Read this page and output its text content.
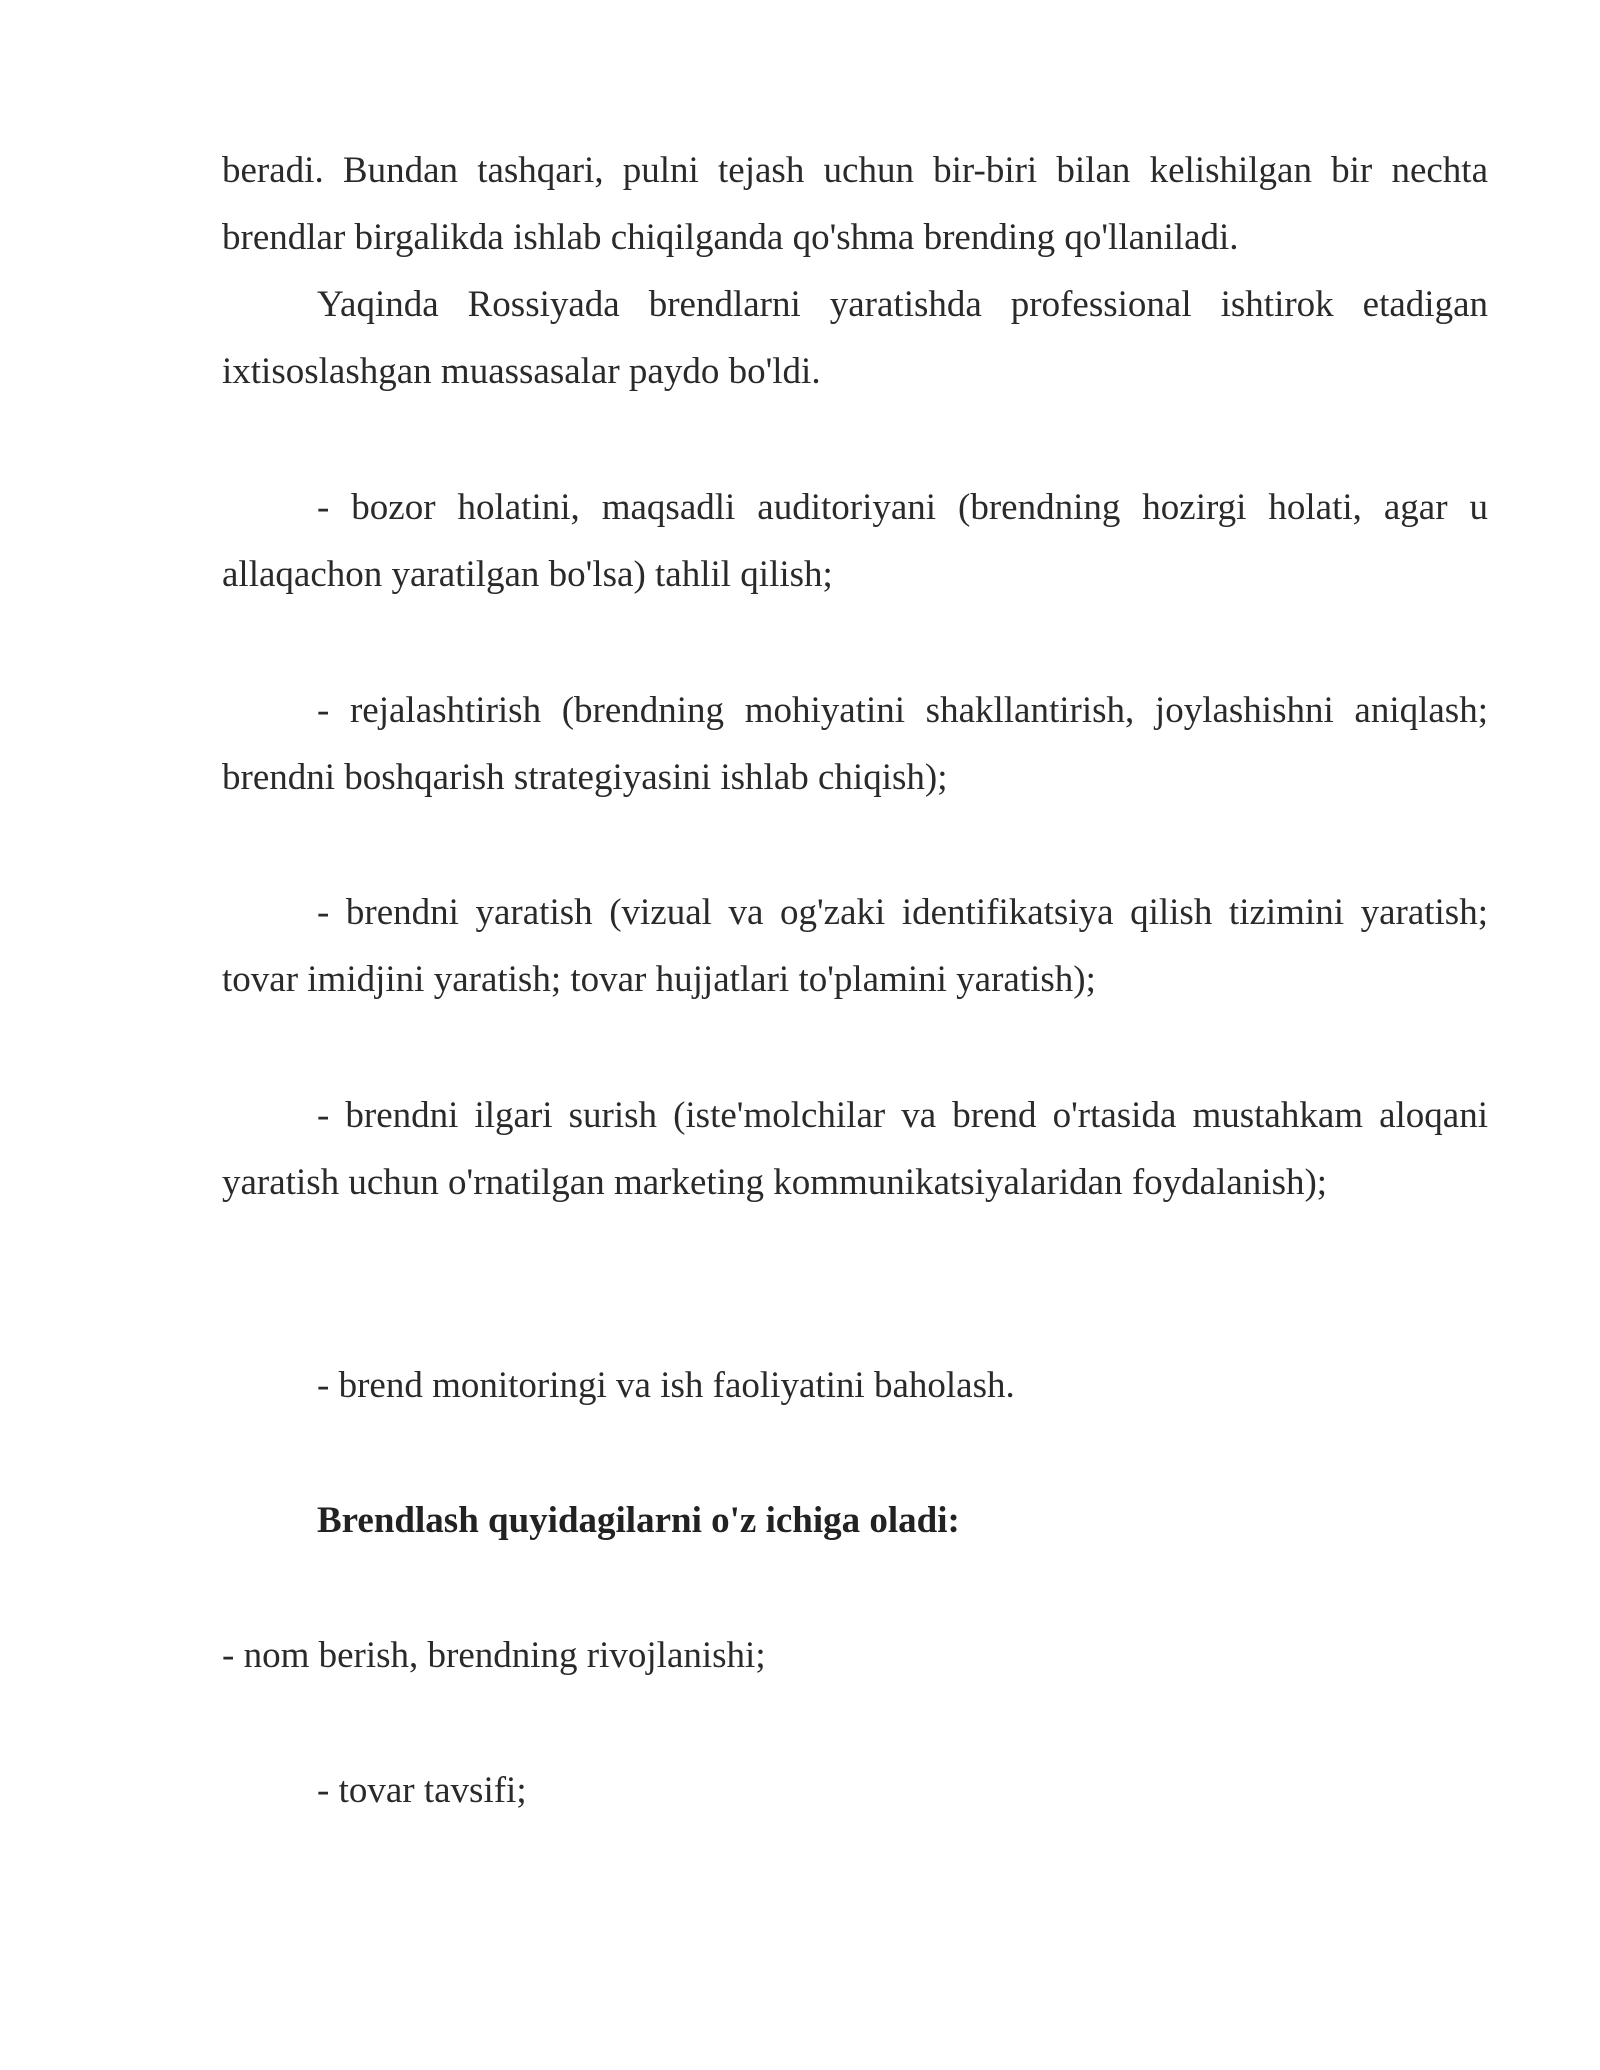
beradi. Bundan tashqari, pulni tejash uchun bir-biri bilan kelishilgan bir nechta brendlar birgalikda ishlab chiqilganda qo'shma brending qo'llaniladi.

Yaqinda Rossiyada brendlarni yaratishda professional ishtirok etadigan ixtisoslashgan muassasalar paydo bo'ldi.

- bozor holatini, maqsadli auditoriyani (brendning hozirgi holati, agar u allaqachon yaratilgan bo'lsa) tahlil qilish;

- rejalashtirish (brendning mohiyatini shakllantirish, joylashishni aniqlash; brendni boshqarish strategiyasini ishlab chiqish);

- brendni yaratish (vizual va og'zaki identifikatsiya qilish tizimini yaratish; tovar imidjini yaratish; tovar hujjatlari to'plamini yaratish);

- brendni ilgari surish (iste'molchilar va brend o'rtasida mustahkam aloqani yaratish uchun o'rnatilgan marketing kommunikatsiyalaridan foydalanish);

- brend monitoringi va ish faoliyatini baholash.

Brendlash quyidagilarni o'z ichiga oladi:

- nom berish, brendning rivojlanishi;

- tovar tavsifi;
